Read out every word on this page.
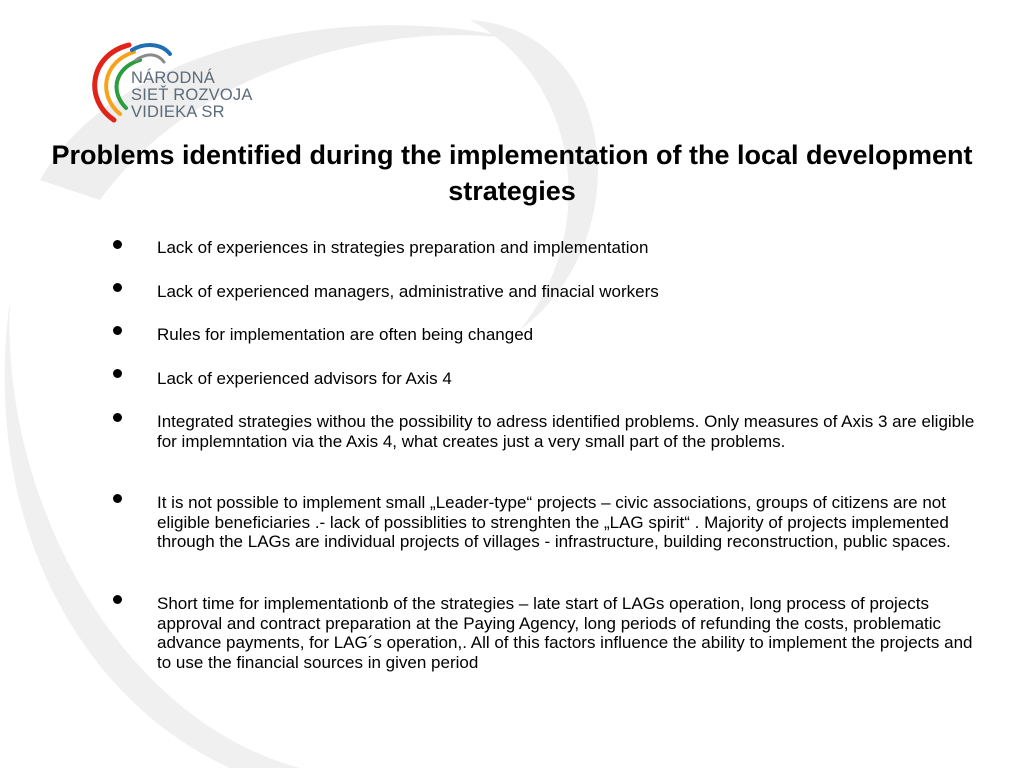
NÁRODNÁ
SIEŤ ROZVOJA
VIDIEKA SR
Problems identified during the implementation of the local development strategies
Lack of experiences in strategies preparation and implementation
Lack of experienced managers, administrative and finacial workers
Rules for implementation are often being changed
Lack of experienced advisors for Axis 4
Integrated strategies withou the possibility to adress identified problems. Only measures of Axis 3 are eligible for implemntation via the Axis 4, what creates just a very small part of the problems.
It is not possible to implement small „Leader-type“ projects – civic associations, groups of citizens are not eligible beneficiaries .- lack of possiblities to strenghten the „LAG spirit“ . Majority of projects implemented through the LAGs are individual projects of villages - infrastructure, building reconstruction, public spaces.
Short time for implementationb of the strategies – late start of LAGs operation, long process of projects approval and contract preparation at the Paying Agency, long periods of refunding the costs, problematic advance payments, for LAG´s operation,. All of this factors influence the ability to implement the projects and to use the financial sources in given period
